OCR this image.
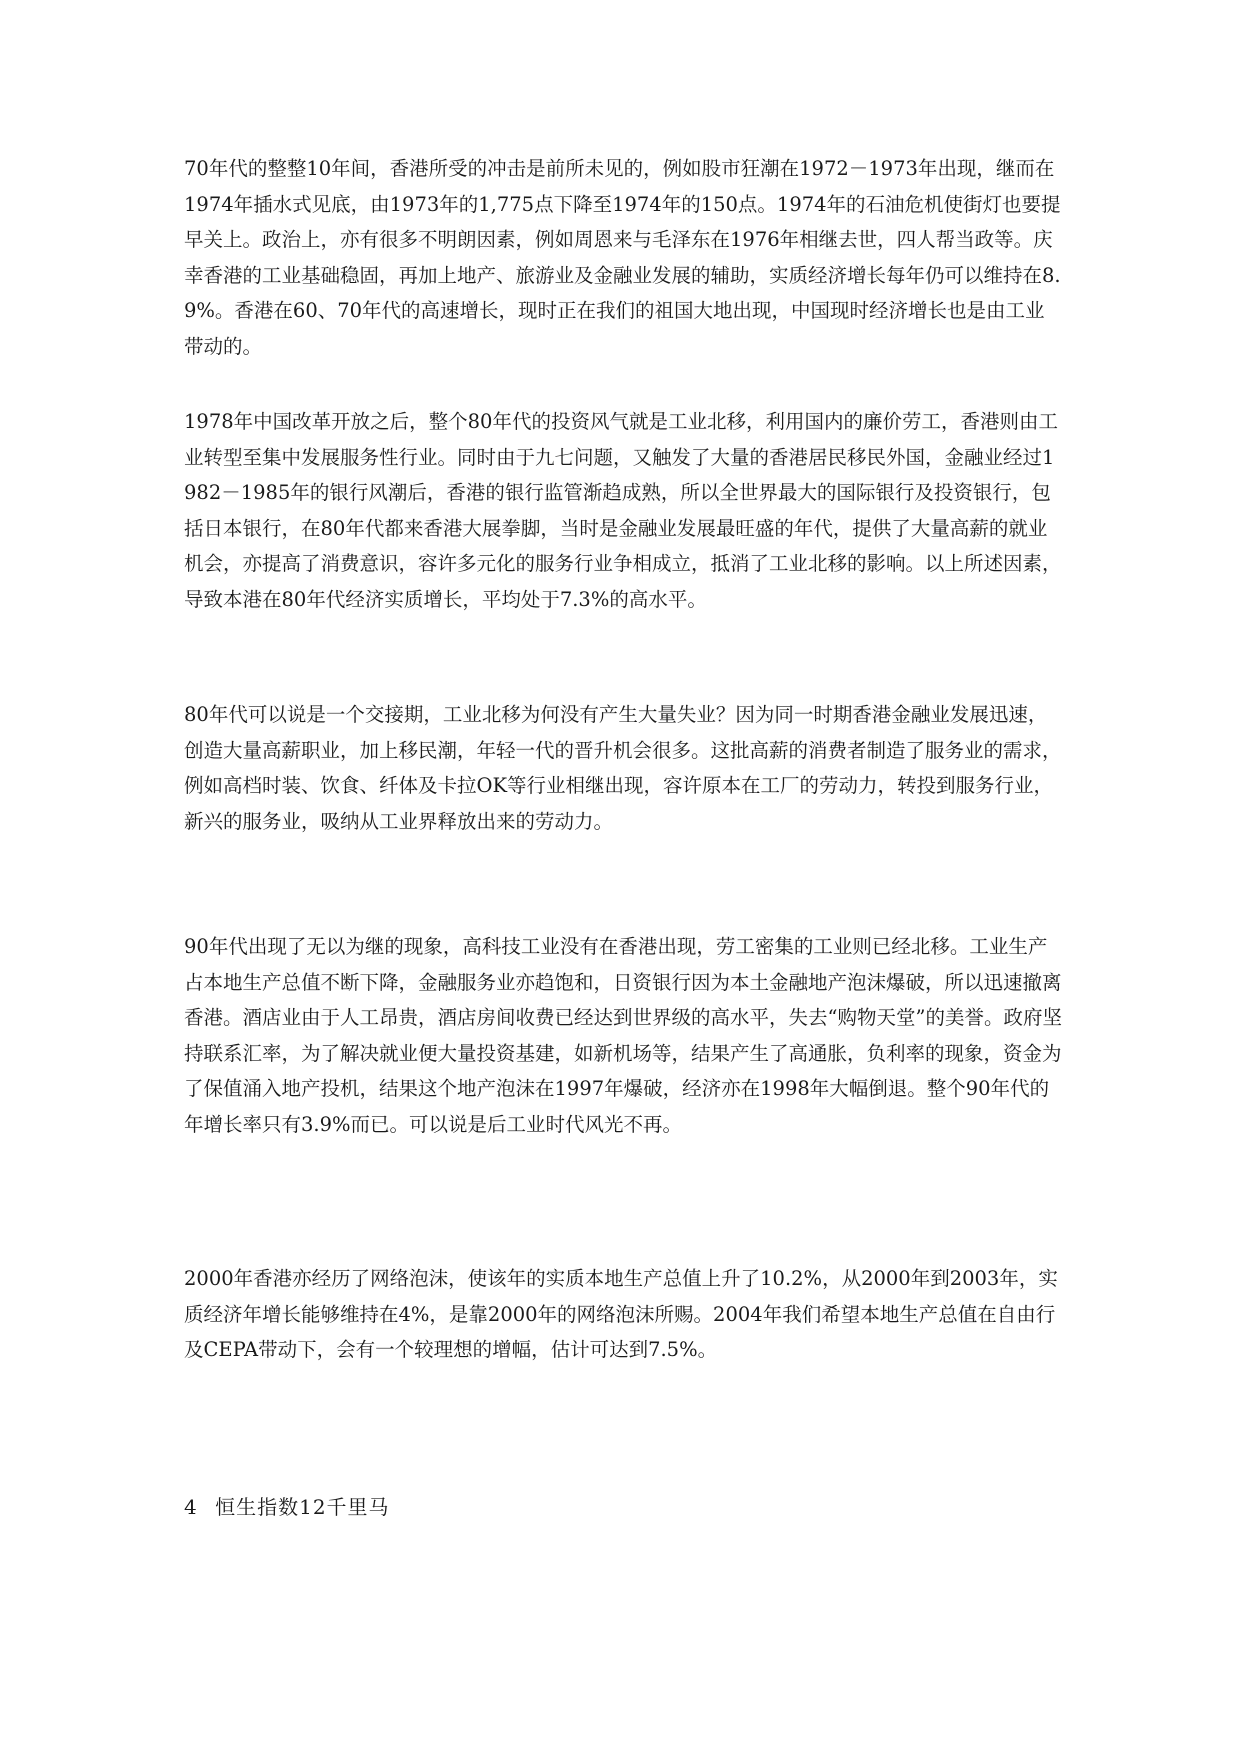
70年代的整整10年间，香港所受的冲击是前所未见的，例如股市狂潮在1972－1973年出现，继而在1974年插水式见底，由1973年的1,775点下降至1974年的150点。1974年的石油危机使街灯也要提早关上。政治上，亦有很多不明朗因素，例如周恩来与毛泽东在1976年相继去世，四人帮当政等。庆幸香港的工业基础稳固，再加上地产、旅游业及金融业发展的辅助，实质经济增长每年仍可以维持在8.9%。香港在60、70年代的高速增长，现时正在我们的祖国大地出现，中国现时经济增长也是由工业带动的。

1978年中国改革开放之后，整个80年代的投资风气就是工业北移，利用国内的廉价劳工，香港则由工业转型至集中发展服务性行业。同时由于九七问题，又触发了大量的香港居民移民外国，金融业经过1982－1985年的银行风潮后，香港的银行监管渐趋成熟，所以全世界最大的国际银行及投资银行，包括日本银行，在80年代都来香港大展拳脚，当时是金融业发展最旺盛的年代，提供了大量高薪的就业机会，亦提高了消费意识，容许多元化的服务行业争相成立，抵消了工业北移的影响。以上所述因素，导致本港在80年代经济实质增长，平均处于7.3%的高水平。

80年代可以说是一个交接期，工业北移为何没有产生大量失业？因为同一时期香港金融业发展迅速，创造大量高薪职业，加上移民潮，年轻一代的晋升机会很多。这批高薪的消费者制造了服务业的需求，例如高档时装、饮食、纤体及卡拉OK等行业相继出现，容许原本在工厂的劳动力，转投到服务行业，新兴的服务业，吸纳从工业界释放出来的劳动力。

90年代出现了无以为继的现象，高科技工业没有在香港出现，劳工密集的工业则已经北移。工业生产占本地生产总值不断下降，金融服务业亦趋饱和，日资银行因为本土金融地产泡沫爆破，所以迅速撤离香港。酒店业由于人工昂贵，酒店房间收费已经达到世界级的高水平，失去“购物天堂”的美誉。政府坚持联系汇率，为了解决就业便大量投资基建，如新机场等，结果产生了高通胀，负利率的现象，资金为了保值涌入地产投机，结果这个地产泡沫在1997年爆破，经济亦在1998年大幅倒退。整个90年代的年增长率只有3.9%而已。可以说是后工业时代风光不再。

2000年香港亦经历了网络泡沫，使该年的实质本地生产总值上升了10.2%，从2000年到2003年，实质经济年增长能够维持在4%，是靠2000年的网络泡沫所赐。2004年我们希望本地生产总值在自由行及CEPA带动下，会有一个较理想的增幅，估计可达到7.5%。

4 恒生指数12千里马
